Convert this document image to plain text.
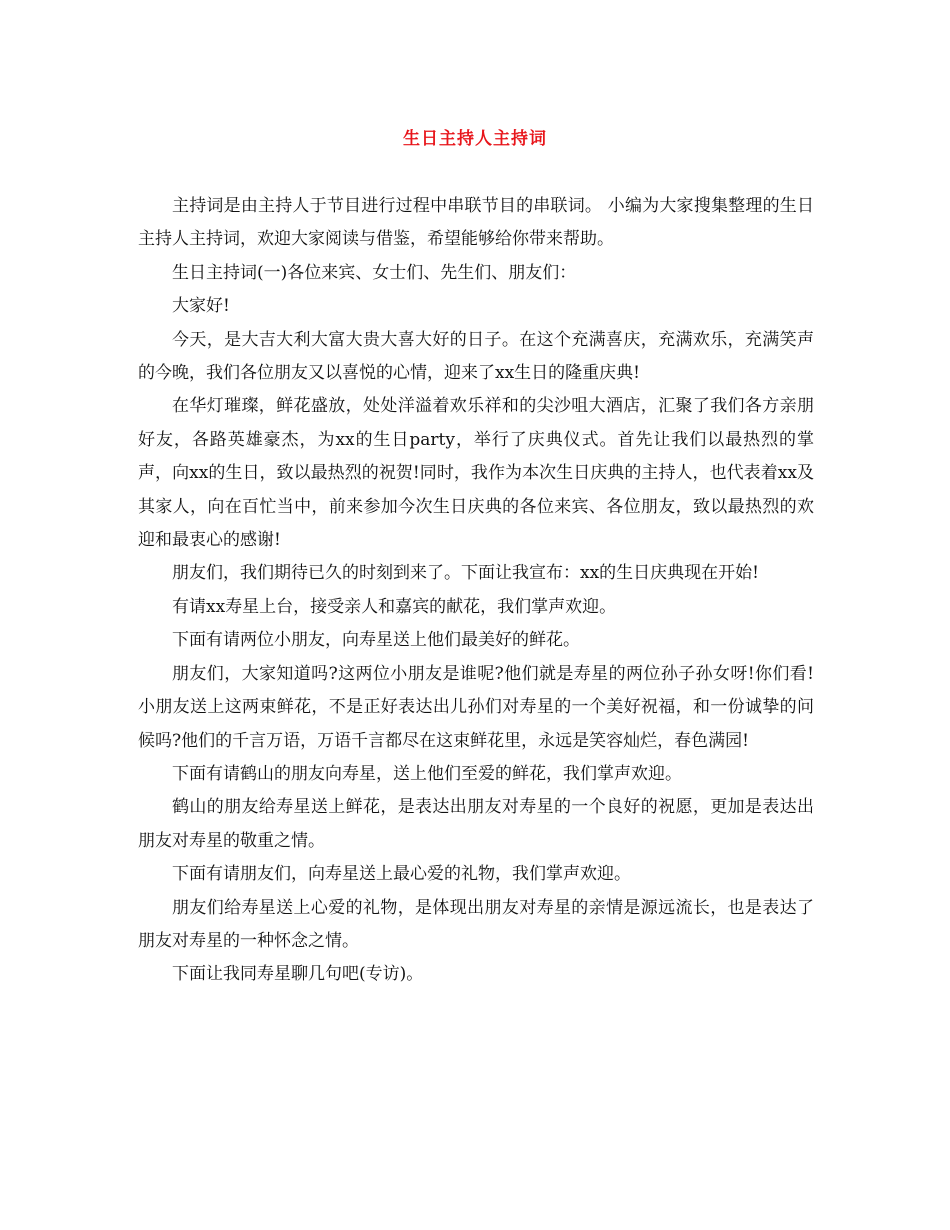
生日主持人主持词

主持词是由主持人于节目进行过程中串联节目的串联词。 小编为大家搜集整理的生日主持人主持词，欢迎大家阅读与借鉴，希望能够给你带来帮助。

生日主持词(一)各位来宾、女士们、先生们、朋友们：

大家好!

今天，是大吉大利大富大贵大喜大好的日子。在这个充满喜庆，充满欢乐，充满笑声的今晚，我们各位朋友又以喜悦的心情，迎来了xx生日的隆重庆典!

在华灯璀璨，鲜花盛放，处处洋溢着欢乐祥和的尖沙咀大酒店，汇聚了我们各方亲朋好友，各路英雄豪杰，为xx的生日party，举行了庆典仪式。首先让我们以最热烈的掌声，向xx的生日，致以最热烈的祝贺!同时，我作为本次生日庆典的主持人，也代表着xx及其家人，向在百忙当中，前来参加今次生日庆典的各位来宾、各位朋友，致以最热烈的欢迎和最衷心的感谢!

朋友们，我们期待已久的时刻到来了。下面让我宣布：xx的生日庆典现在开始!

有请xx寿星上台，接受亲人和嘉宾的献花，我们掌声欢迎。

下面有请两位小朋友，向寿星送上他们最美好的鲜花。

朋友们，大家知道吗?这两位小朋友是谁呢?他们就是寿星的两位孙子孙女呀!你们看!小朋友送上这两束鲜花，不是正好表达出儿孙们对寿星的一个美好祝福，和一份诚挚的问候吗?他们的千言万语，万语千言都尽在这束鲜花里，永远是笑容灿烂，春色满园!

下面有请鹤山的朋友向寿星，送上他们至爱的鲜花，我们掌声欢迎。

鹤山的朋友给寿星送上鲜花，是表达出朋友对寿星的一个良好的祝愿，更加是表达出朋友对寿星的敬重之情。

下面有请朋友们，向寿星送上最心爱的礼物，我们掌声欢迎。

朋友们给寿星送上心爱的礼物，是体现出朋友对寿星的亲情是源远流长，也是表达了朋友对寿星的一种怀念之情。

下面让我同寿星聊几句吧(专访)。
